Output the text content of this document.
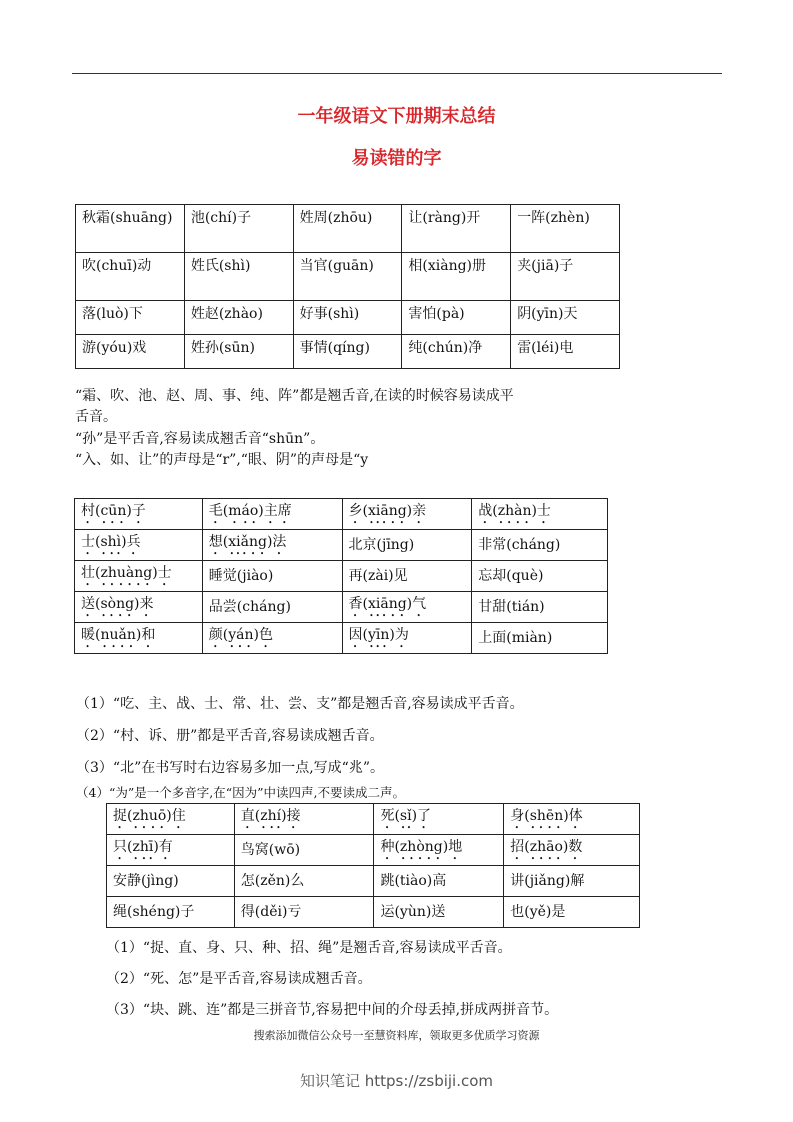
一年级语文下册期末总结
易读错的字
秋霜(shuāng)	池(chí)子	姓周(zhōu)	让(ràng)开	一阵(zhèn)
吹(chuī)动	姓氏(shì)	当官(guān)	相(xiàng)册	夹(jiā)子
落(luò)下	姓赵(zhào)	好事(shì)	害怕(pà)	阴(yīn)天
游(yóu)戏	姓孙(sūn)	事情(qíng)	纯(chún)净	雷(léi)电
“霜、吹、池、赵、周、事、纯、阵”都是翘舌音,在读的时候容易读成平
舌音。
“孙”是平舌音,容易读成翘舌音“shūn”。
“入、如、让”的声母是“r”,“眼、阴”的声母是“y
村(cūn)子	毛(máo)主席	乡(xiāng)亲	战(zhàn)士
士(shì)兵	想(xiǎng)法	北京(jīng)	非常(cháng)
壮(zhuàng)士	睡觉(jiào)	再(zài)见	忘却(què)
送(sòng)来	品尝(cháng)	香(xiāng)气	甘甜(tián)
暖(nuǎn)和	颜(yán)色	因(yīn)为	上面(miàn)
（1）“吃、主、战、士、常、壮、尝、支”都是翘舌音,容易读成平舌音。
（2）“村、诉、册”都是平舌音,容易读成翘舌音。
（3）“北”在书写时右边容易多加一点,写成“兆”。
（4）“为”是一个多音字,在“因为”中读四声,不要读成二声。
捉(zhuō)住	直(zhí)接	死(sǐ)了	身(shēn)体
只(zhī)有	鸟窝(wō)	种(zhòng)地	招(zhāo)数
安静(jìng)	怎(zěn)么	跳(tiào)高	讲(jiǎng)解
绳(shéng)子	得(děi)亏	运(yùn)送	也(yě)是
（1）“捉、直、身、只、种、招、绳”是翘舌音,容易读成平舌音。
（2）“死、怎”是平舌音,容易读成翘舌音。
（3）“块、跳、连”都是三拼音节,容易把中间的介母丢掉,拼成两拼音节。
搜索添加微信公众号一至慧资料库，领取更多优质学习资源
知识笔记 https://zsbiji.com
